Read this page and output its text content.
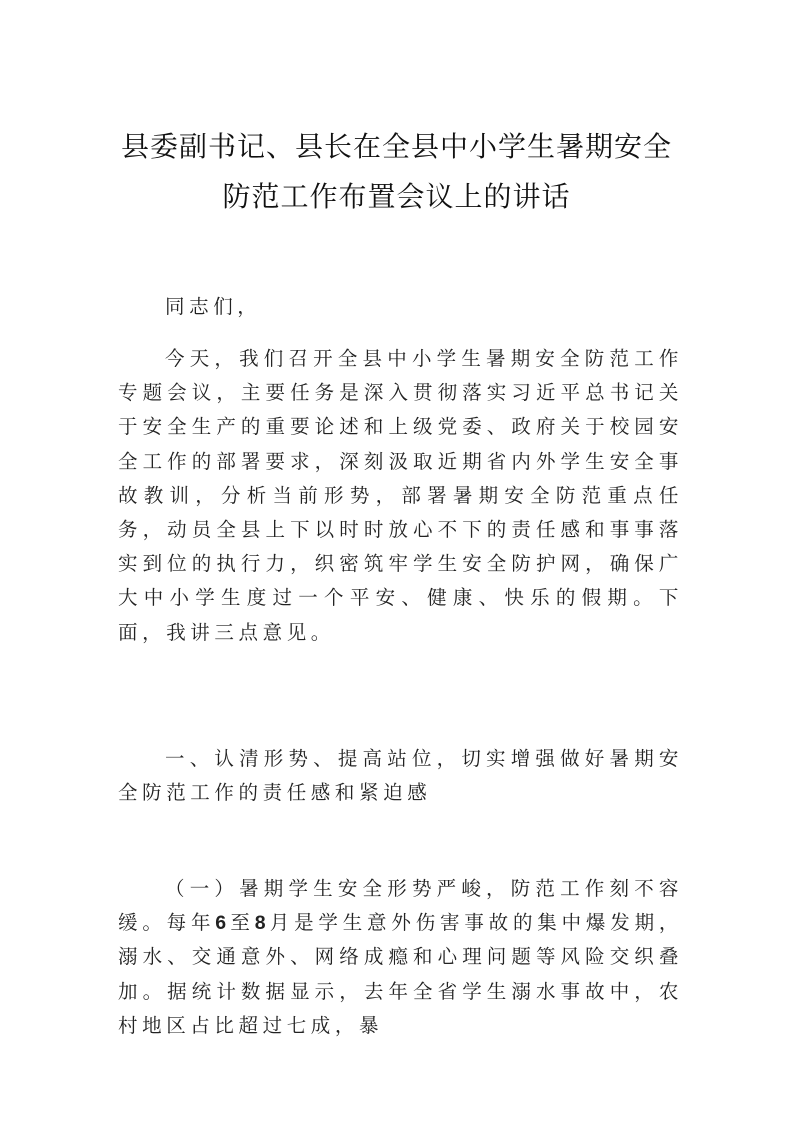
县委副书记、县长在全县中小学生暑期安全
防范工作布置会议上的讲话

同志们，

今天，我们召开全县中小学生暑期安全防范工作专题会议，主要任务是深入贯彻落实习近平总书记关于安全生产的重要论述和上级党委、政府关于校园安全工作的部署要求，深刻汲取近期省内外学生安全事故教训，分析当前形势，部署暑期安全防范重点任务，动员全县上下以时时放心不下的责任感和事事落实到位的执行力，织密筑牢学生安全防护网，确保广大中小学生度过一个平安、健康、快乐的假期。下面，我讲三点意见。

一、认清形势、提高站位，切实增强做好暑期安全防范工作的责任感和紧迫感

（一）暑期学生安全形势严峻，防范工作刻不容缓。每年6至8月是学生意外伤害事故的集中爆发期，溺水、交通意外、网络成瘾和心理问题等风险交织叠加。据统计数据显示，去年全省学生溺水事故中，农村地区占比超过七成，暴
